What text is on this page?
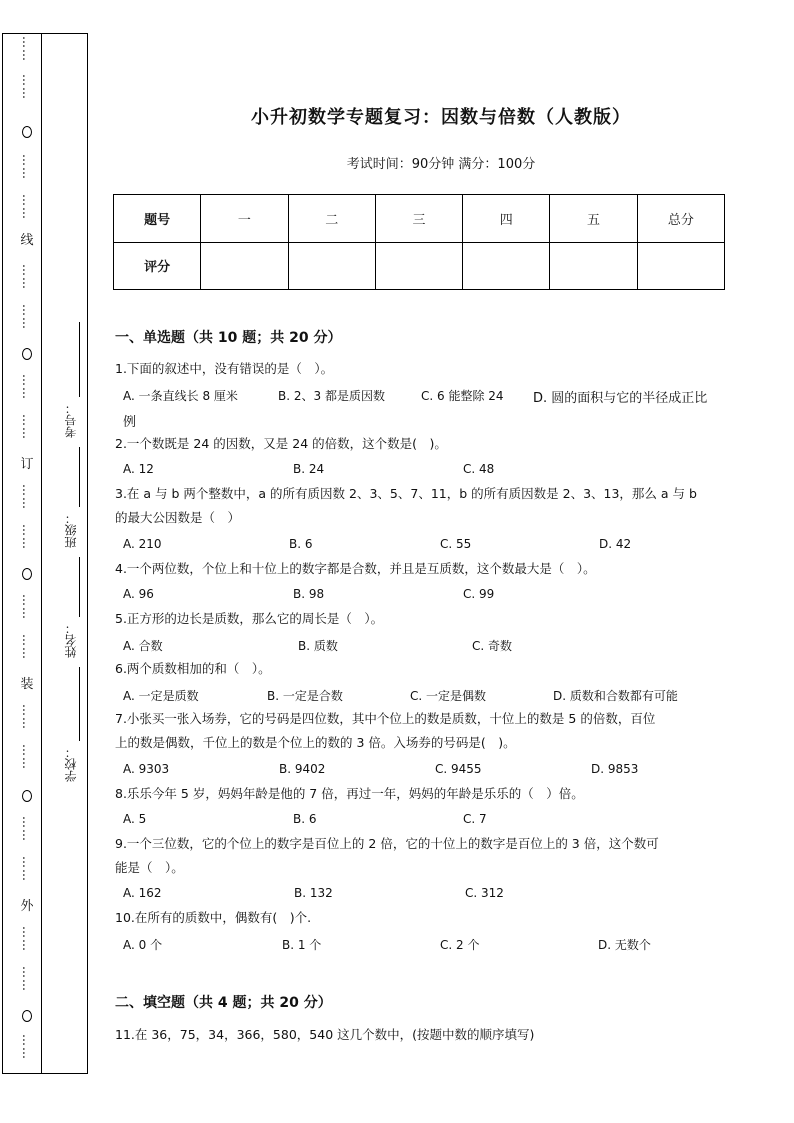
……
……
……
……
线
……
……
……
……
订
……
……
……
……
装
……
……
……
……
外
……
……
……
考号：
班级：
姓名：
学校：
小升初数学专题复习：因数与倍数（人教版）
考试时间：90分钟 满分：100分
题号	一	二	三	四	五	总分
评分						
一、单选题（共 10 题；共 20 分）
1.下面的叙述中，没有错误的是（　）。
A. 一条直线长 8 厘米	B. 2、3 都是质因数	C. 6 能整除 24 D. 圆的面积与它的半径成正比
例
2.一个数既是 24 的因数，又是 24 的倍数，这个数是(　)。
A. 12	B. 24	C. 48
3.在 a 与 b 两个整数中，a 的所有质因数 2、3、5、7、11，b 的所有质因数是 2、3、13，那么 a 与 b
的最大公因数是（　）
A. 210	B. 6	C. 55	D. 42
4.一个两位数，个位上和十位上的数字都是合数，并且是互质数，这个数最大是（　）。
A. 96	B. 98	C. 99
5.正方形的边长是质数，那么它的周长是（　）。
A. 合数	B. 质数	C. 奇数
6.两个质数相加的和（　）。
A. 一定是质数	B. 一定是合数	C. 一定是偶数	D. 质数和合数都有可能
7.小张买一张入场券，它的号码是四位数，其中个位上的数是质数，十位上的数是 5 的倍数，百位
上的数是偶数，千位上的数是个位上的数的 3 倍。入场券的号码是(　)。
A. 9303	B. 9402	C. 9455	D. 9853
8.乐乐今年 5 岁，妈妈年龄是他的 7 倍，再过一年，妈妈的年龄是乐乐的（　）倍。
A. 5	B. 6	C. 7
9.一个三位数，它的个位上的数字是百位上的 2 倍，它的十位上的数字是百位上的 3 倍，这个数可
能是（　）。
A. 162	B. 132	C. 312
10.在所有的质数中，偶数有(　)个.
A. 0 个	B. 1 个	C. 2 个	D. 无数个
二、填空题（共 4 题；共 20 分）
11.在 36，75，34，366，580，540 这几个数中，(按题中数的顺序填写)
